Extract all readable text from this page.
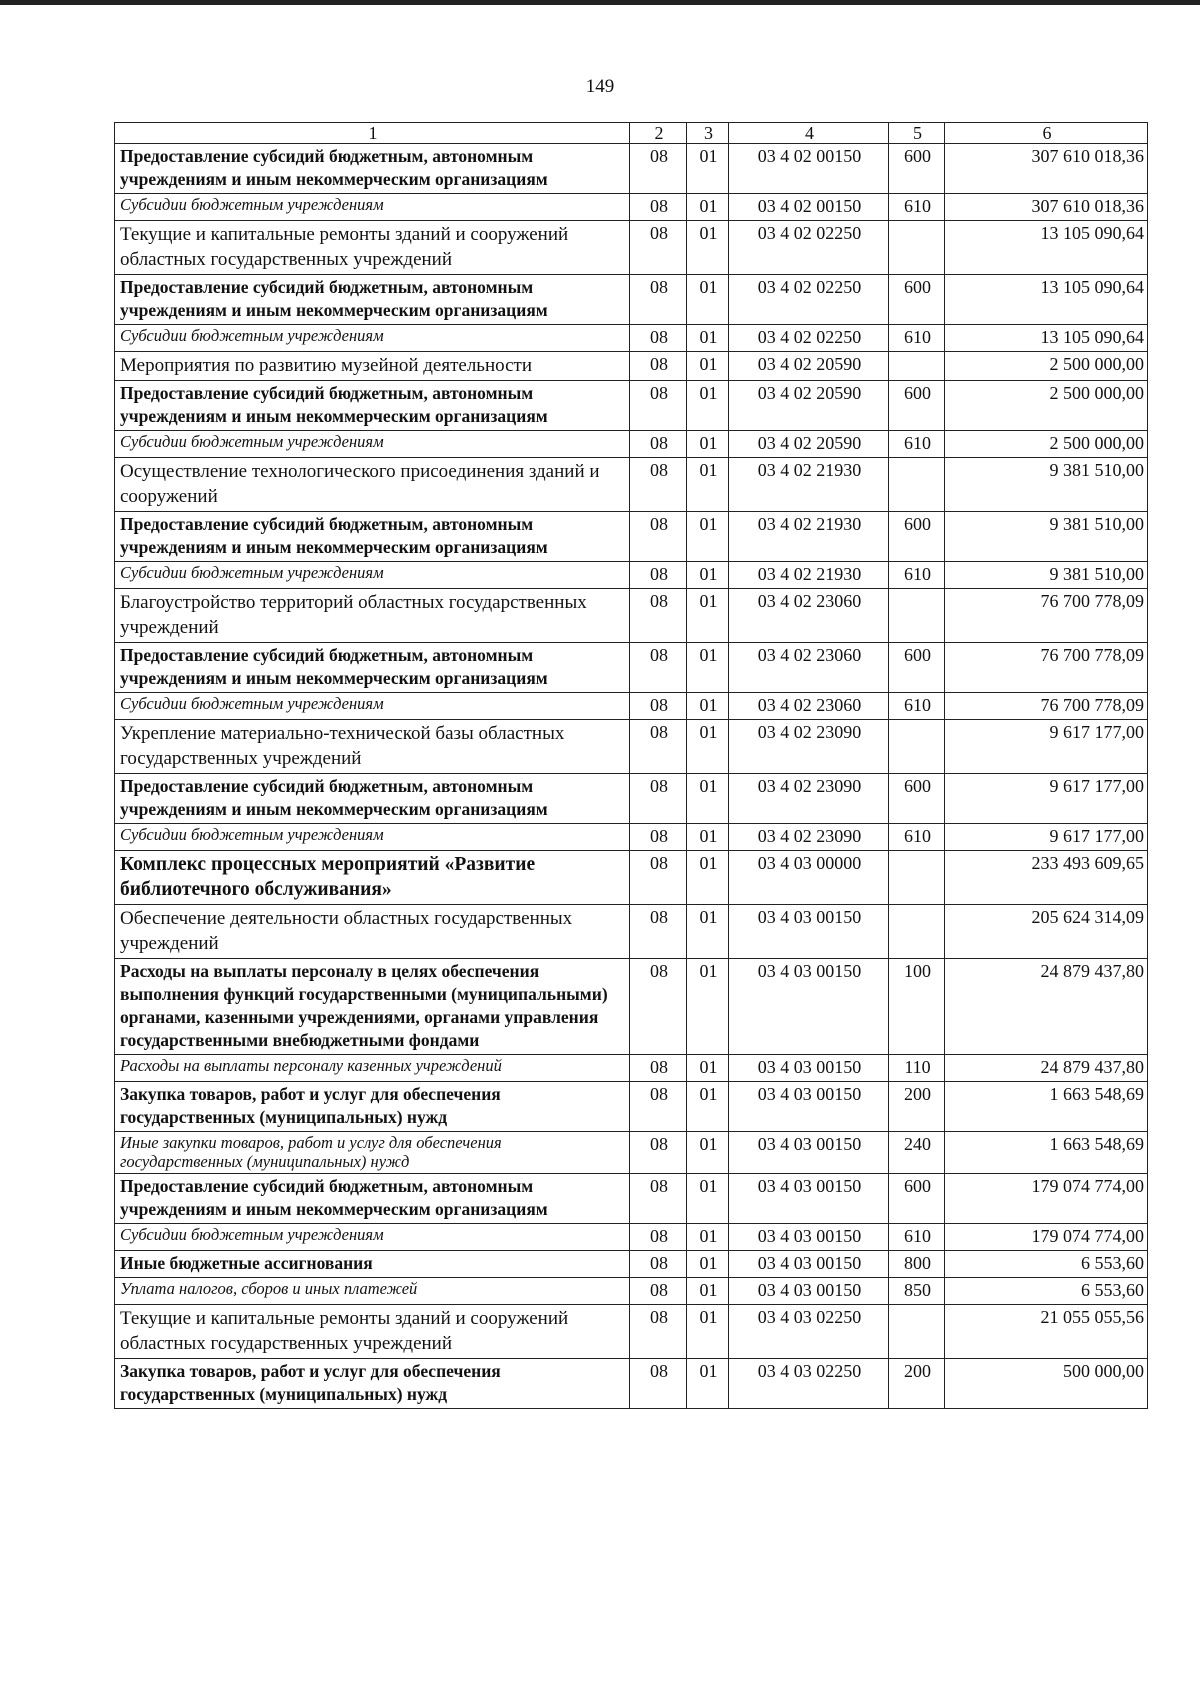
149
1	2	3	4	5	6
Предоставление субсидий бюджетным, автономным учреждениям и иным некоммерческим организациям	08	01	03 4 02 00150	600	307 610 018,36
Субсидии бюджетным учреждениям	08	01	03 4 02 00150	610	307 610 018,36
Текущие и капитальные ремонты зданий и сооружений областных государственных учреждений	08	01	03 4 02 02250		13 105 090,64
Предоставление субсидий бюджетным, автономным учреждениям и иным некоммерческим организациям	08	01	03 4 02 02250	600	13 105 090,64
Субсидии бюджетным учреждениям	08	01	03 4 02 02250	610	13 105 090,64
Мероприятия по развитию музейной деятельности	08	01	03 4 02 20590		2 500 000,00
Предоставление субсидий бюджетным, автономным учреждениям и иным некоммерческим организациям	08	01	03 4 02 20590	600	2 500 000,00
Субсидии бюджетным учреждениям	08	01	03 4 02 20590	610	2 500 000,00
Осуществление технологического присоединения зданий и сооружений	08	01	03 4 02 21930		9 381 510,00
Предоставление субсидий бюджетным, автономным учреждениям и иным некоммерческим организациям	08	01	03 4 02 21930	600	9 381 510,00
Субсидии бюджетным учреждениям	08	01	03 4 02 21930	610	9 381 510,00
Благоустройство территорий областных государственных учреждений	08	01	03 4 02 23060		76 700 778,09
Предоставление субсидий бюджетным, автономным учреждениям и иным некоммерческим организациям	08	01	03 4 02 23060	600	76 700 778,09
Субсидии бюджетным учреждениям	08	01	03 4 02 23060	610	76 700 778,09
Укрепление материально-технической базы областных государственных учреждений	08	01	03 4 02 23090		9 617 177,00
Предоставление субсидий бюджетным, автономным учреждениям и иным некоммерческим организациям	08	01	03 4 02 23090	600	9 617 177,00
Субсидии бюджетным учреждениям	08	01	03 4 02 23090	610	9 617 177,00
Комплекс процессных мероприятий «Развитие библиотечного обслуживания»	08	01	03 4 03 00000		233 493 609,65
Обеспечение деятельности областных государственных учреждений	08	01	03 4 03 00150		205 624 314,09
Расходы на выплаты персоналу в целях обеспечения выполнения функций государственными (муниципальными) органами, казенными учреждениями, органами управления государственными внебюджетными фондами	08	01	03 4 03 00150	100	24 879 437,80
Расходы на выплаты персоналу казенных учреждений	08	01	03 4 03 00150	110	24 879 437,80
Закупка товаров, работ и услуг для обеспечения государственных (муниципальных) нужд	08	01	03 4 03 00150	200	1 663 548,69
Иные закупки товаров, работ и услуг для обеспечения государственных (муниципальных) нужд	08	01	03 4 03 00150	240	1 663 548,69
Предоставление субсидий бюджетным, автономным учреждениям и иным некоммерческим организациям	08	01	03 4 03 00150	600	179 074 774,00
Субсидии бюджетным учреждениям	08	01	03 4 03 00150	610	179 074 774,00
Иные бюджетные ассигнования	08	01	03 4 03 00150	800	6 553,60
Уплата налогов, сборов и иных платежей	08	01	03 4 03 00150	850	6 553,60
Текущие и капитальные ремонты зданий и сооружений областных государственных учреждений	08	01	03 4 03 02250		21 055 055,56
Закупка товаров, работ и услуг для обеспечения государственных (муниципальных) нужд	08	01	03 4 03 02250	200	500 000,00
